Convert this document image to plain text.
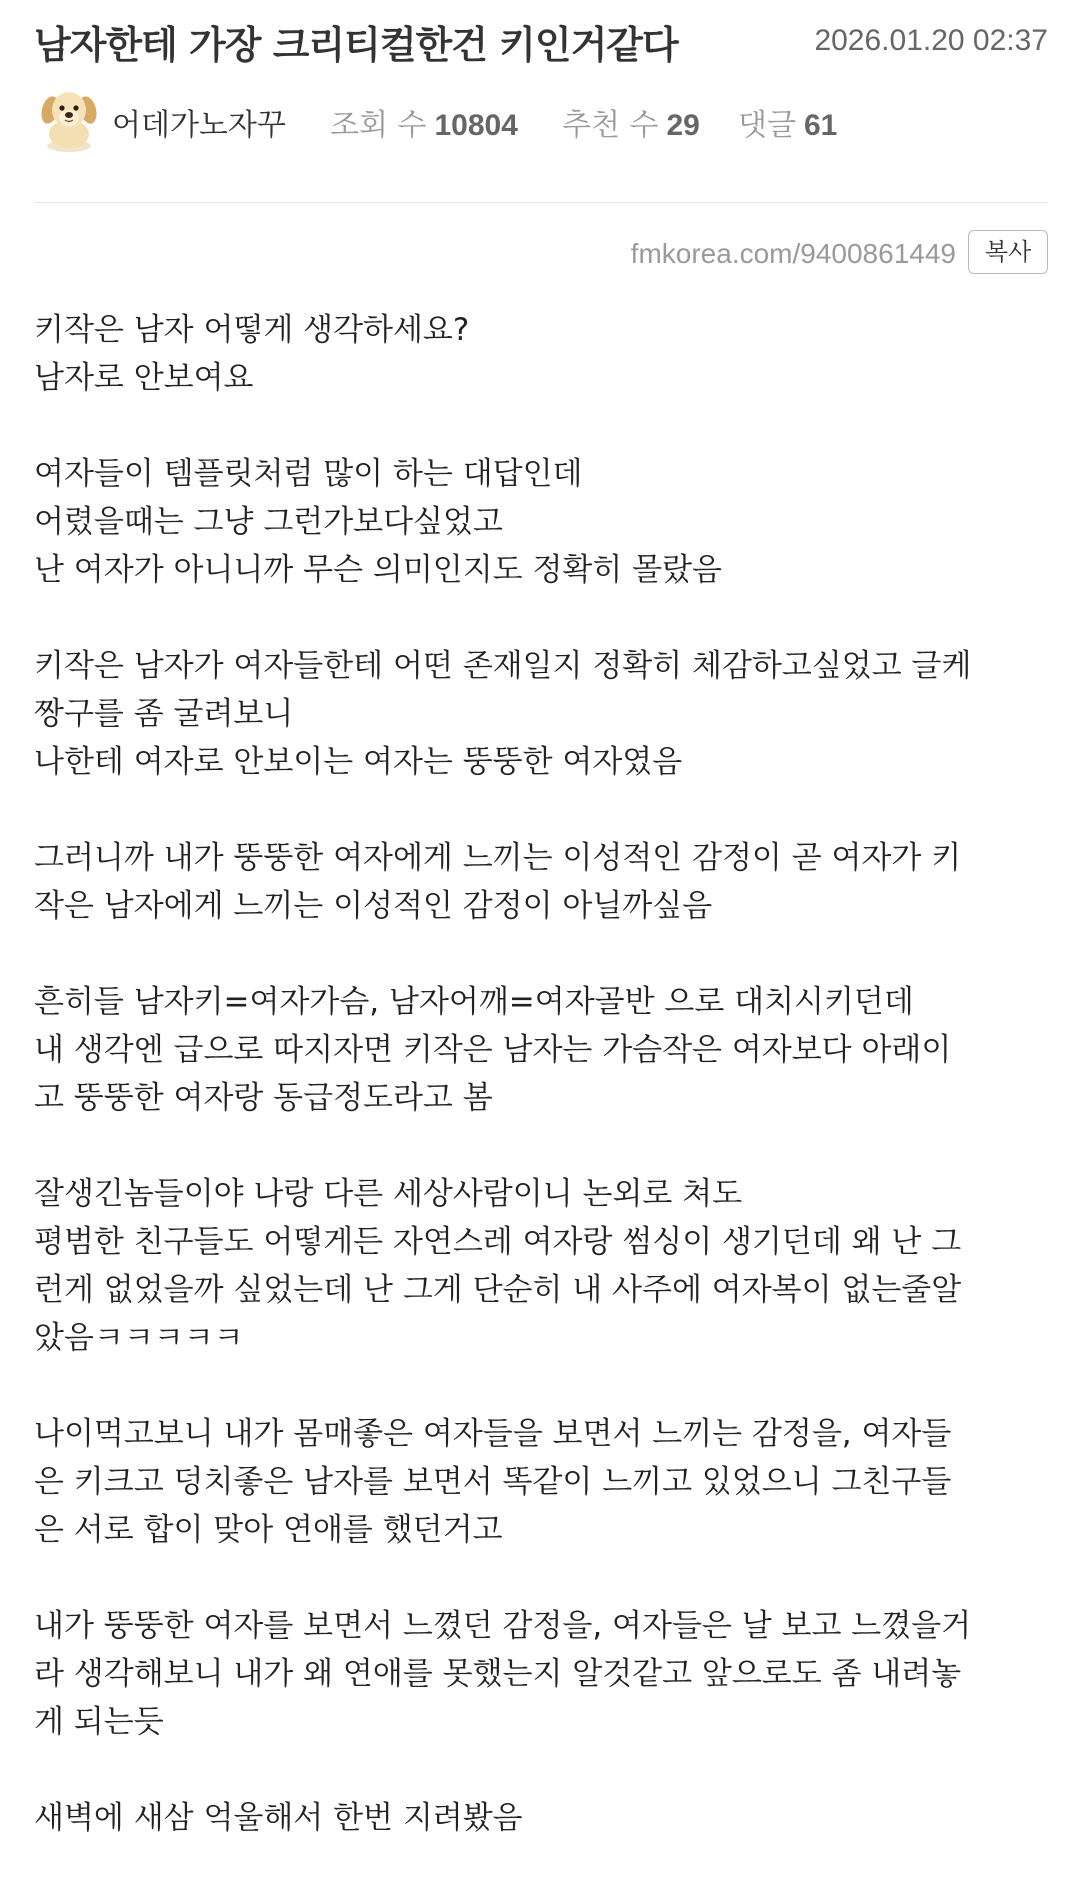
남자한테 가장 크리티컬한건 키인거같다	2026.01.20 02:37
어데가노자꾸 조회 수 10804 추천 수 29 댓글 61
fmkorea.com/9400861449	복사

키작은 남자 어떻게 생각하세요?
남자로 안보여요

여자들이 템플릿처럼 많이 하는 대답인데
어렸을때는 그냥 그런가보다싶었고
난 여자가 아니니까 무슨 의미인지도 정확히 몰랐음

키작은 남자가 여자들한테 어떤 존재일지 정확히 체감하고싶었고 글케
짱구를 좀 굴려보니
나한테 여자로 안보이는 여자는 뚱뚱한 여자였음

그러니까 내가 뚱뚱한 여자에게 느끼는 이성적인 감정이 곧 여자가 키
작은 남자에게 느끼는 이성적인 감정이 아닐까싶음

흔히들 남자키=여자가슴, 남자어깨=여자골반 으로 대치시키던데
내 생각엔 급으로 따지자면 키작은 남자는 가슴작은 여자보다 아래이
고 뚱뚱한 여자랑 동급정도라고 봄

잘생긴놈들이야 나랑 다른 세상사람이니 논외로 쳐도
평범한 친구들도 어떻게든 자연스레 여자랑 썸싱이 생기던데 왜 난 그
런게 없었을까 싶었는데 난 그게 단순히 내 사주에 여자복이 없는줄알
았음ㅋㅋㅋㅋㅋ

나이먹고보니 내가 몸매좋은 여자들을 보면서 느끼는 감정을, 여자들
은 키크고 덩치좋은 남자를 보면서 똑같이 느끼고 있었으니 그친구들
은 서로 합이 맞아 연애를 했던거고

내가 뚱뚱한 여자를 보면서 느꼈던 감정을, 여자들은 날 보고 느꼈을거
라 생각해보니 내가 왜 연애를 못했는지 알것같고 앞으로도 좀 내려놓
게 되는듯

새벽에 새삼 억울해서 한번 지려봤음
